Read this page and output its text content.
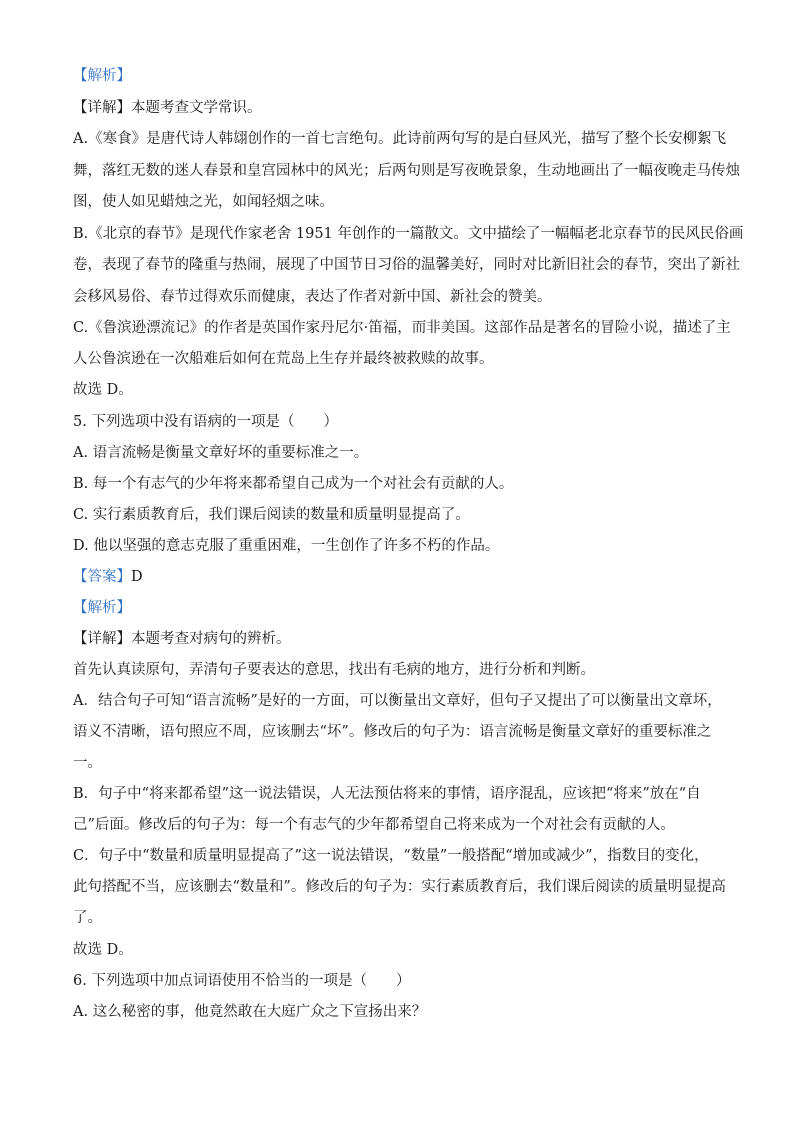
【解析】
【详解】本题考查文学常识。
A.《寒食》是唐代诗人韩翃创作的一首七言绝句。此诗前两句写的是白昼风光，描写了整个长安柳絮飞
舞，落红无数的迷人春景和皇宫园林中的风光；后两句则是写夜晚景象，生动地画出了一幅夜晚走马传烛
图，使人如见蜡烛之光，如闻轻烟之味。
B.《北京的春节》是现代作家老舍 1951 年创作的一篇散文。文中描绘了一幅幅老北京春节的民风民俗画
卷，表现了春节的隆重与热闹，展现了中国节日习俗的温馨美好，同时对比新旧社会的春节，突出了新社
会移风易俗、春节过得欢乐而健康，表达了作者对新中国、新社会的赞美。
C.《鲁滨逊漂流记》的作者是英国作家丹尼尔·笛福，而非美国。这部作品是著名的冒险小说，描述了主
人公鲁滨逊在一次船难后如何在荒岛上生存并最终被救赎的故事。
故选 D。
5. 下列选项中没有语病的一项是（　　）
A. 语言流畅是衡量文章好坏的重要标准之一。
B. 每一个有志气的少年将来都希望自己成为一个对社会有贡献的人。
C. 实行素质教育后，我们课后阅读的数量和质量明显提高了。
D. 他以坚强的意志克服了重重困难，一生创作了许多不朽的作品。
【答案】D
【解析】
【详解】本题考查对病句的辨析。
首先认真读原句，弄清句子要表达的意思，找出有毛病的地方，进行分析和判断。
A．结合句子可知“语言流畅”是好的一方面，可以衡量出文章好，但句子又提出了可以衡量出文章坏，
语义不清晰，语句照应不周，应该删去“坏”。修改后的句子为：语言流畅是衡量文章好的重要标准之
一。
B．句子中“将来都希望”这一说法错误，人无法预估将来的事情，语序混乱，应该把“将来”放在“自
己”后面。修改后的句子为：每一个有志气的少年都希望自己将来成为一个对社会有贡献的人。
C．句子中“数量和质量明显提高了”这一说法错误，“数量”一般搭配“增加或减少”，指数目的变化，
此句搭配不当，应该删去“数量和”。修改后的句子为：实行素质教育后，我们课后阅读的质量明显提高
了。
故选 D。
6. 下列选项中加点词语使用不恰当的一项是（　　）
A. 这么秘密的事，他竟然敢在大庭广众之下宣扬出来？
